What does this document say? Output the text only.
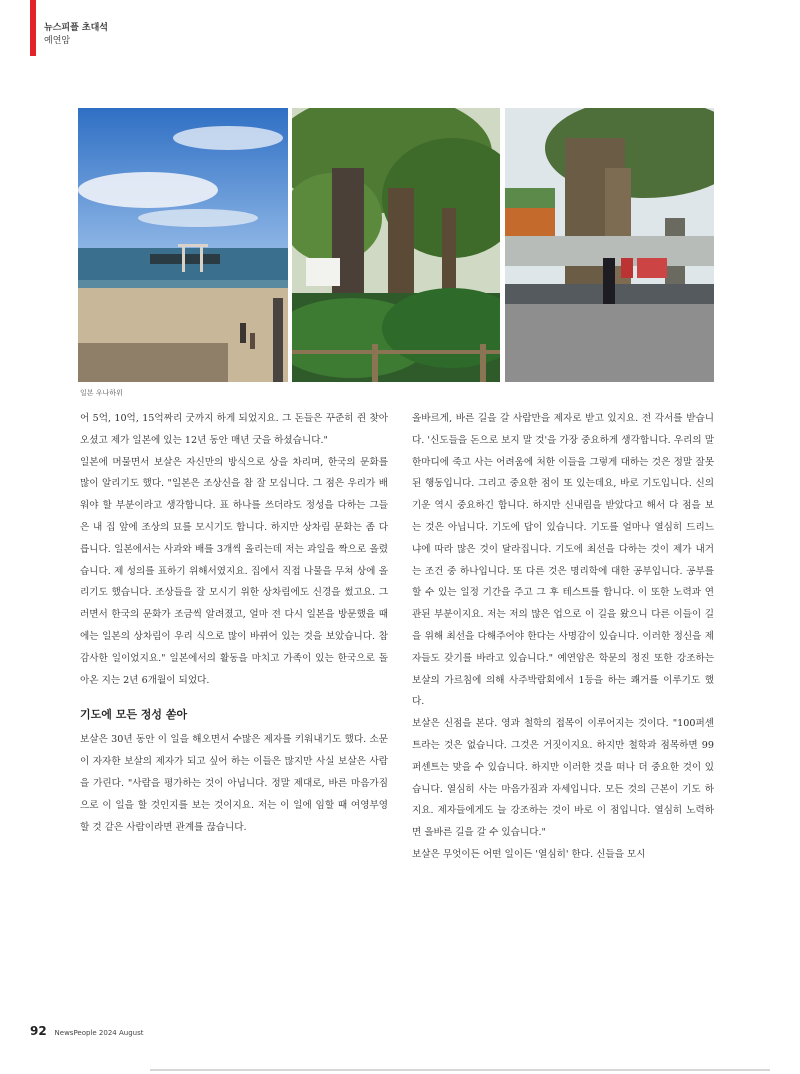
뉴스피플 초대석
예연암
일본 우나하위

어 5억, 10억, 15억짜리 굿까지 하게 되었지요. 그 돈들은 꾸준히 쥔 찾아오셨고 제가 일본에 있는 12년 동안 매년 굿을 하셨습니다."

일본에 머물면서 보살은 자신만의 방식으로 상을 차리며, 한국의 문화를 많이 알리기도 했다. "일본은 조상신을 참 잘 모십니다. 그 점은 우리가 배워야 할 부분이라고 생각합니다. 표 하나를 쓰더라도 정성을 다하는 그들은 내 집 앞에 조상의 묘를 모시기도 합니다. 하지만 상차림 문화는 좀 다릅니다. 일본에서는 사과와 배를 3개씩 올리는데 저는 과일을 짝으로 올렸습니다. 제 성의를 표하기 위해서였지요. 집에서 직접 나물을 무쳐 상에 올리기도 했습니다. 조상들을 잘 모시기 위한 상차림에도 신경을 썼고요. 그러면서 한국의 문화가 조금씩 알려졌고, 얼마 전 다시 일본을 방문했을 때에는 일본의 상차림이 우리 식으로 많이 바뀌어 있는 것을 보았습니다. 참 감사한 일이었지요." 일본에서의 활동을 마치고 가족이 있는 한국으로 돌아온 지는 2년 6개월이 되었다.

기도에 모든 정성 쏟아

보살은 30년 동안 이 일을 해오면서 수많은 제자를 키워내기도 했다. 소문이 자자한 보살의 제자가 되고 싶어 하는 이들은 많지만 사실 보살은 사람을 가린다. "사람을 평가하는 것이 아닙니다. 정말 제대로, 바른 마음가짐으로 이 일을 할 것인지를 보는 것이지요. 저는 이 일에 임할 때 여영부영 할 것 같은 사람이라면 관계를 끊습니다.

올바르게, 바른 길을 갈 사람만을 제자로 받고 있지요. 전 각서를 받습니다. '신도들을 돈으로 보지 말 것'을 가장 중요하게 생각합니다. 우리의 말 한마디에 죽고 사는 어려움에 처한 이들을 그렇게 대하는 것은 정말 잘못된 행동입니다. 그리고 중요한 점이 또 있는데요, 바로 기도입니다. 신의 기운 역시 중요하긴 합니다. 하지만 신내림을 받았다고 해서 다 점을 보는 것은 아닙니다. 기도에 답이 있습니다. 기도를 얼마나 열심히 드리느냐에 따라 많은 것이 달라집니다. 기도에 최선을 다하는 것이 제가 내거는 조건 중 하나입니다. 또 다른 것은 명리학에 대한 공부입니다. 공부를 할 수 있는 일정 기간을 주고 그 후 테스트를 합니다. 이 또한 노력과 연관된 부분이지요. 저는 저의 많은 업으로 이 길을 왔으니 다른 이들이 길을 위해 최선을 다해주어야 한다는 사명감이 있습니다. 이러한 정신을 제자들도 갖기를 바라고 있습니다." 예연암은 학문의 정진 또한 강조하는 보살의 가르침에 의해 사주박람회에서 1등을 하는 쾌거를 이루기도 했다.

보살은 신점을 본다. 영과 철학의 접목이 이루어지는 것이다. "100퍼센트라는 것은 없습니다. 그것은 거짓이지요. 하지만 철학과 점목하면 99퍼센트는 맞을 수 있습니다. 하지만 이러한 것을 떠나 더 중요한 것이 있습니다. 열심히 사는 마음가짐과 자세입니다. 모든 것의 근본이 기도 하지요. 제자들에게도 늘 강조하는 것이 바로 이 점입니다. 열심히 노력하면 올바른 길을 갈 수 있습니다."

보살은 무엇이든 어떤 일이든 '열심히' 한다. 신들을 모시

92 NewsPeople 2024 August
